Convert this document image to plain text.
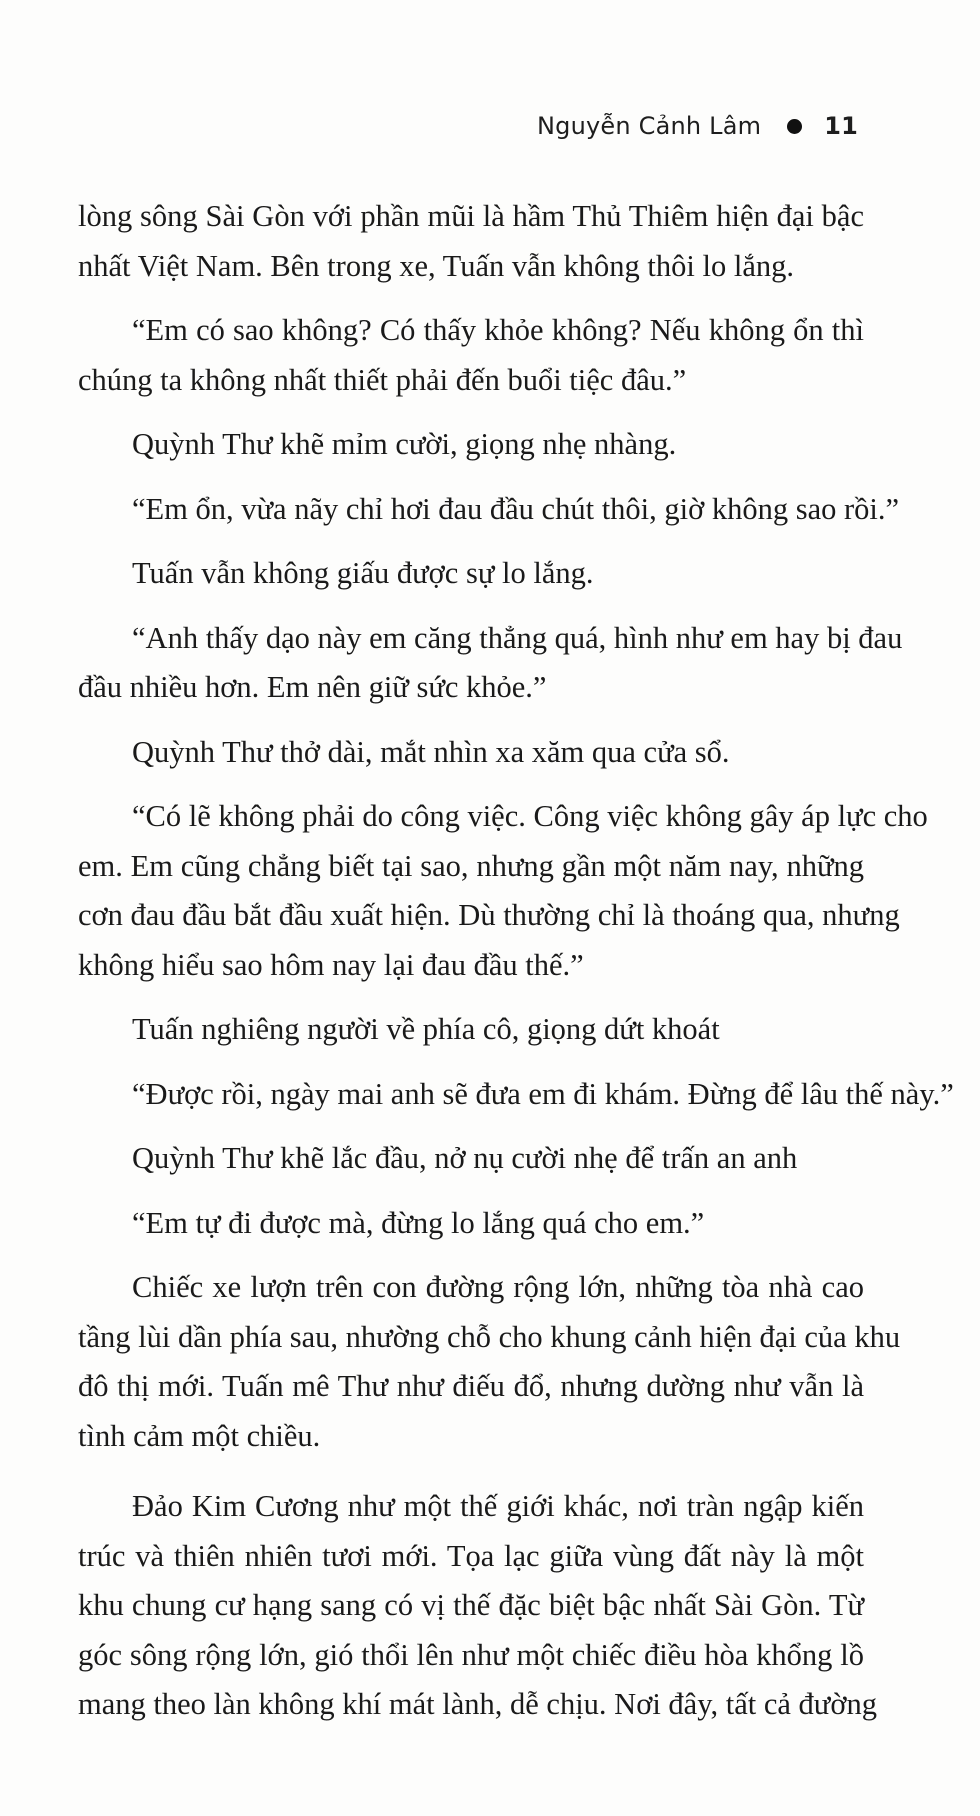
Nguyễn Cảnh Lâm	11
lòng sông Sài Gòn với phần mũi là hầm Thủ Thiêm hiện đại bậc
nhất Việt Nam. Bên trong xe, Tuấn vẫn không thôi lo lắng.
“Em có sao không? Có thấy khỏe không? Nếu không ổn thì
chúng ta không nhất thiết phải đến buổi tiệc đâu.”
Quỳnh Thư khẽ mỉm cười, giọng nhẹ nhàng.
“Em ổn, vừa nãy chỉ hơi đau đầu chút thôi, giờ không sao rồi.”
Tuấn vẫn không giấu được sự lo lắng.
“Anh thấy dạo này em căng thẳng quá, hình như em hay bị đau
đầu nhiều hơn. Em nên giữ sức khỏe.”
Quỳnh Thư thở dài, mắt nhìn xa xăm qua cửa sổ.
“Có lẽ không phải do công việc. Công việc không gây áp lực cho
em. Em cũng chẳng biết tại sao, nhưng gần một năm nay, những
cơn đau đầu bắt đầu xuất hiện. Dù thường chỉ là thoáng qua, nhưng
không hiểu sao hôm nay lại đau đầu thế.”
Tuấn nghiêng người về phía cô, giọng dứt khoát
“Được rồi, ngày mai anh sẽ đưa em đi khám. Đừng để lâu thế này.”
Quỳnh Thư khẽ lắc đầu, nở nụ cười nhẹ để trấn an anh
“Em tự đi được mà, đừng lo lắng quá cho em.”
Chiếc xe lượn trên con đường rộng lớn, những tòa nhà cao
tầng lùi dần phía sau, nhường chỗ cho khung cảnh hiện đại của khu
đô thị mới. Tuấn mê Thư như điếu đổ, nhưng dường như vẫn là
tình cảm một chiều.
Đảo Kim Cương như một thế giới khác, nơi tràn ngập kiến
trúc và thiên nhiên tươi mới. Tọa lạc giữa vùng đất này là một
khu chung cư hạng sang có vị thế đặc biệt bậc nhất Sài Gòn. Từ
góc sông rộng lớn, gió thổi lên như một chiếc điều hòa khổng lồ
mang theo làn không khí mát lành, dễ chịu. Nơi đây, tất cả đường
